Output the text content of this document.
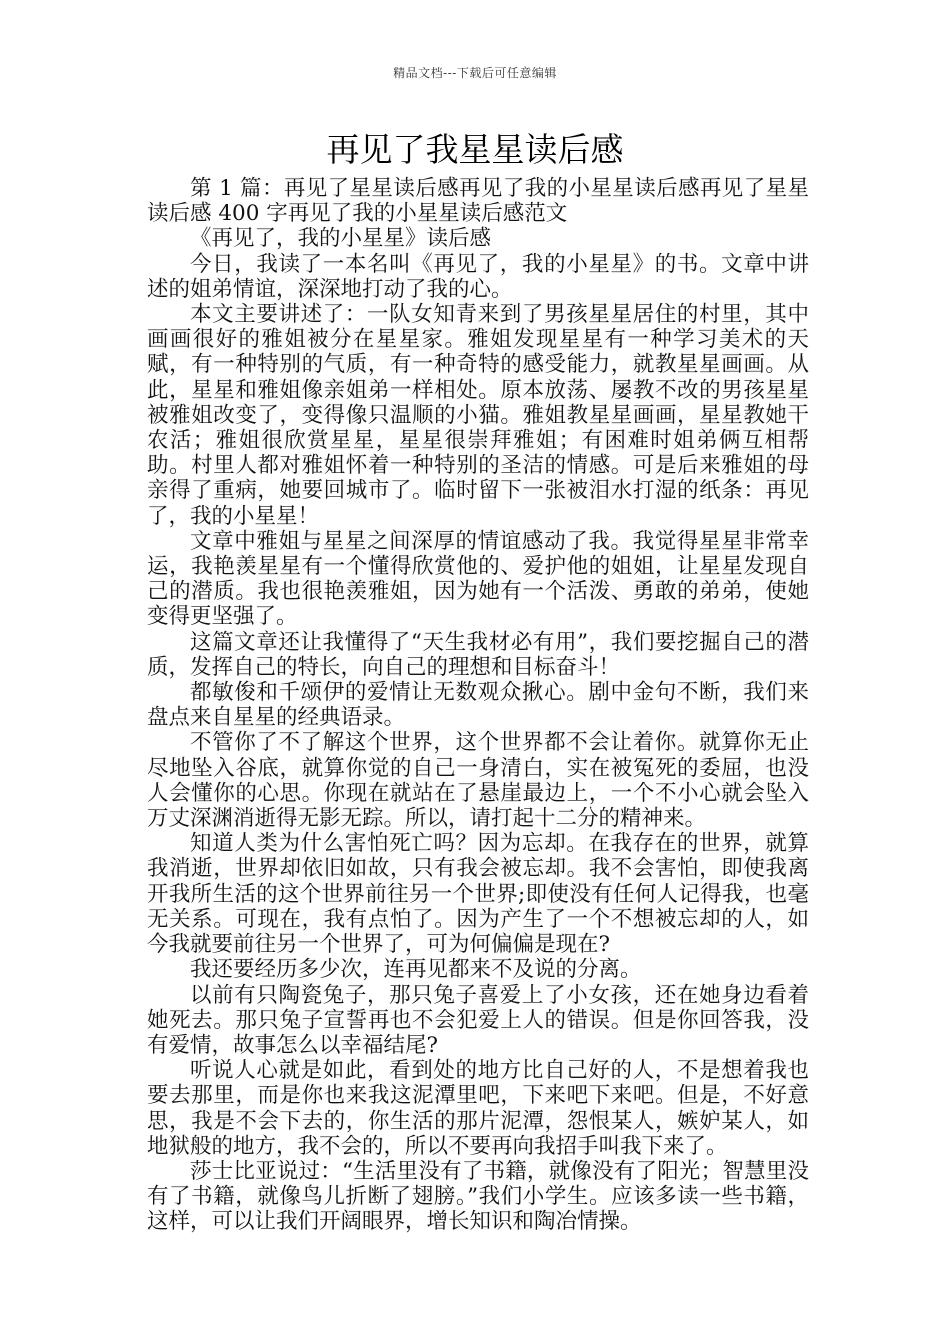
精品文档---下载后可任意编辑
再见了我星星读后感

第 1 篇：再见了星星读后感再见了我的小星星读后感再见了星星读后感 400 字再见了我的小星星读后感范文

《再见了，我的小星星》读后感

今日，我读了一本名叫《再见了，我的小星星》的书。文章中讲述的姐弟情谊，深深地打动了我的心。

本文主要讲述了：一队女知青来到了男孩星星居住的村里，其中画画很好的雅姐被分在星星家。雅姐发现星星有一种学习美术的天赋，有一种特别的气质，有一种奇特的感受能力，就教星星画画。从此，星星和雅姐像亲姐弟一样相处。原本放荡、屡教不改的男孩星星被雅姐改变了，变得像只温顺的小猫。雅姐教星星画画，星星教她干农活；雅姐很欣赏星星，星星很崇拜雅姐；有困难时姐弟俩互相帮助。村里人都对雅姐怀着一种特别的圣洁的情感。可是后来雅姐的母亲得了重病，她要回城市了。临时留下一张被泪水打湿的纸条：再见了，我的小星星！

文章中雅姐与星星之间深厚的情谊感动了我。我觉得星星非常幸运，我艳羡星星有一个懂得欣赏他的、爱护他的姐姐，让星星发现自己的潜质。我也很艳羡雅姐，因为她有一个活泼、勇敢的弟弟，使她变得更坚强了。

这篇文章还让我懂得了“天生我材必有用”，我们要挖掘自己的潜质，发挥自己的特长，向自己的理想和目标奋斗！

都敏俊和千颂伊的爱情让无数观众揪心。剧中金句不断，我们来盘点来自星星的经典语录。

不管你了不了解这个世界，这个世界都不会让着你。就算你无止尽地坠入谷底，就算你觉的自己一身清白，实在被冤死的委屈，也没人会懂你的心思。你现在就站在了悬崖最边上，一个不小心就会坠入万丈深渊消逝得无影无踪。所以，请打起十二分的精神来。

知道人类为什么害怕死亡吗？因为忘却。在我存在的世界，就算我消逝，世界却依旧如故，只有我会被忘却。我不会害怕，即使我离开我所生活的这个世界前往另一个世界;即使没有任何人记得我，也毫无关系。可现在，我有点怕了。因为产生了一个不想被忘却的人，如今我就要前往另一个世界了，可为何偏偏是现在?

我还要经历多少次，连再见都来不及说的分离。

以前有只陶瓷兔子，那只兔子喜爱上了小女孩，还在她身边看着她死去。那只兔子宣誓再也不会犯爱上人的错误。但是你回答我，没有爱情，故事怎么以幸福结尾?

听说人心就是如此，看到处的地方比自己好的人，不是想着我也要去那里，而是你也来我这泥潭里吧，下来吧下来吧。但是，不好意思，我是不会下去的，你生活的那片泥潭，怨恨某人，嫉妒某人，如地狱般的地方，我不会的，所以不要再向我招手叫我下来了。

莎士比亚说过：“生活里没有了书籍，就像没有了阳光；智慧里没有了书籍，就像鸟儿折断了翅膀。”我们小学生。应该多读一些书籍，这样，可以让我们开阔眼界，增长知识和陶冶情操。
